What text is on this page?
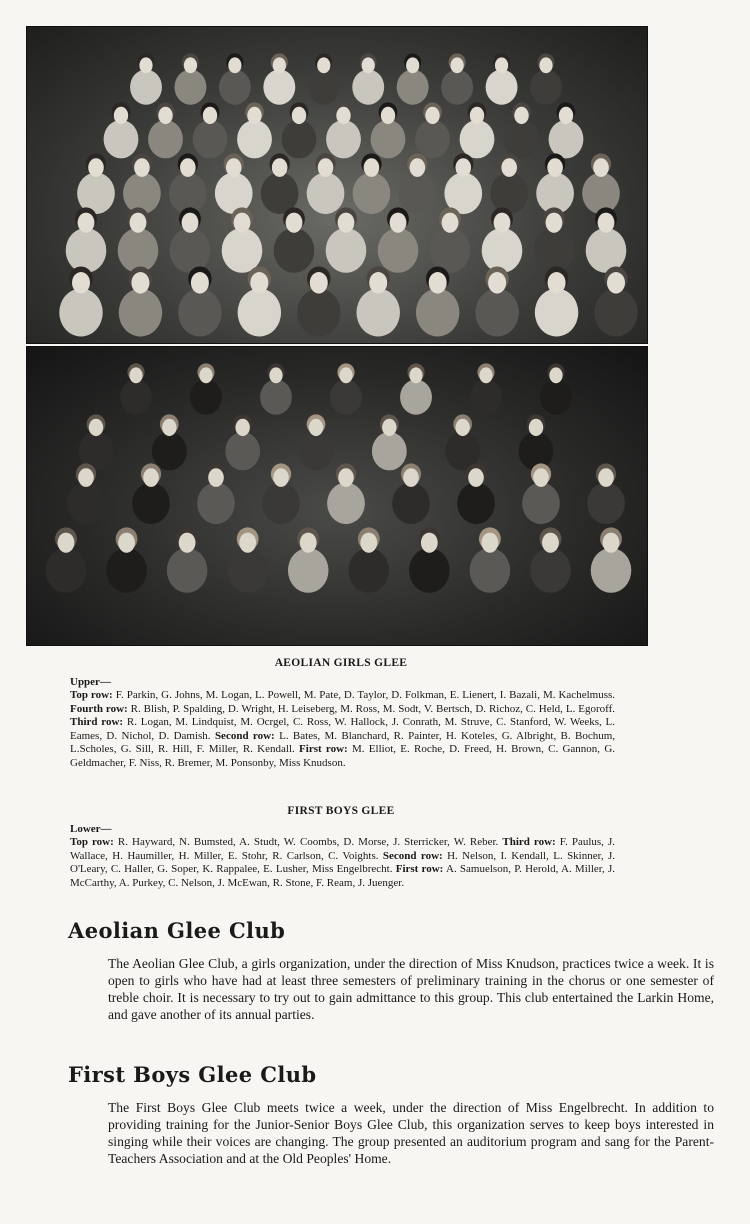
AEOLIAN GIRLS GLEE
Upper—
Top row: F. Parkin, G. Johns, M. Logan, L. Powell, M. Pate, D. Taylor, D. Folkman, E. Lienert, I. Bazali, M. Kachelmuss. Fourth row: R. Blish, P. Spalding, D. Wright, H. Leiseberg, M. Ross, M. Sodt, V. Bertsch, D. Richoz, C. Held, L. Egoroff. Third row: R. Logan, M. Lindquist, M. Ocrgel, C. Ross, W. Hallock, J. Conrath, M. Struve, C. Stanford, W. Weeks, L. Eames, D. Nichol, D. Damish. Second row: L. Bates, M. Blanchard, R. Painter, H. Koteles, G. Albright, B. Bochum, L.Scholes, G. Sill, R. Hill, F. Miller, R. Kendall. First row: M. Elliot, E. Roche, D. Freed, H. Brown, C. Gannon, G. Geldmacher, F. Niss, R. Bremer, M. Ponsonby, Miss Knudson.
FIRST BOYS GLEE
Lower—
Top row: R. Hayward, N. Bumsted, A. Studt, W. Coombs, D. Morse, J. Sterricker, W. Reber. Third row: F. Paulus, J. Wallace, H. Haumiller, H. Miller, E. Stohr, R. Carlson, C. Voights. Second row: H. Nelson, I. Kendall, L. Skinner, J. O'Leary, C. Haller, G. Soper, K. Rappalee, E. Lusher, Miss Engelbrecht. First row: A. Samuelson, P. Herold, A. Miller, J. McCarthy, A. Purkey, C. Nelson, J. McEwan, R. Stone, F. Ream, J. Juenger.
Aeolian Glee Club
The Aeolian Glee Club, a girls organization, under the direction of Miss Knudson, practices twice a week. It is open to girls who have had at least three semesters of preliminary training in the chorus or one semester of treble choir. It is necessary to try out to gain admittance to this group. This club entertained the Larkin Home, and gave another of its annual parties.
First Boys Glee Club
The First Boys Glee Club meets twice a week, under the direction of Miss Engelbrecht. In addition to providing training for the Junior-Senior Boys Glee Club, this organization serves to keep boys interested in singing while their voices are changing. The group presented an auditorium program and sang for the Parent-Teachers Association and at the Old Peoples' Home.
